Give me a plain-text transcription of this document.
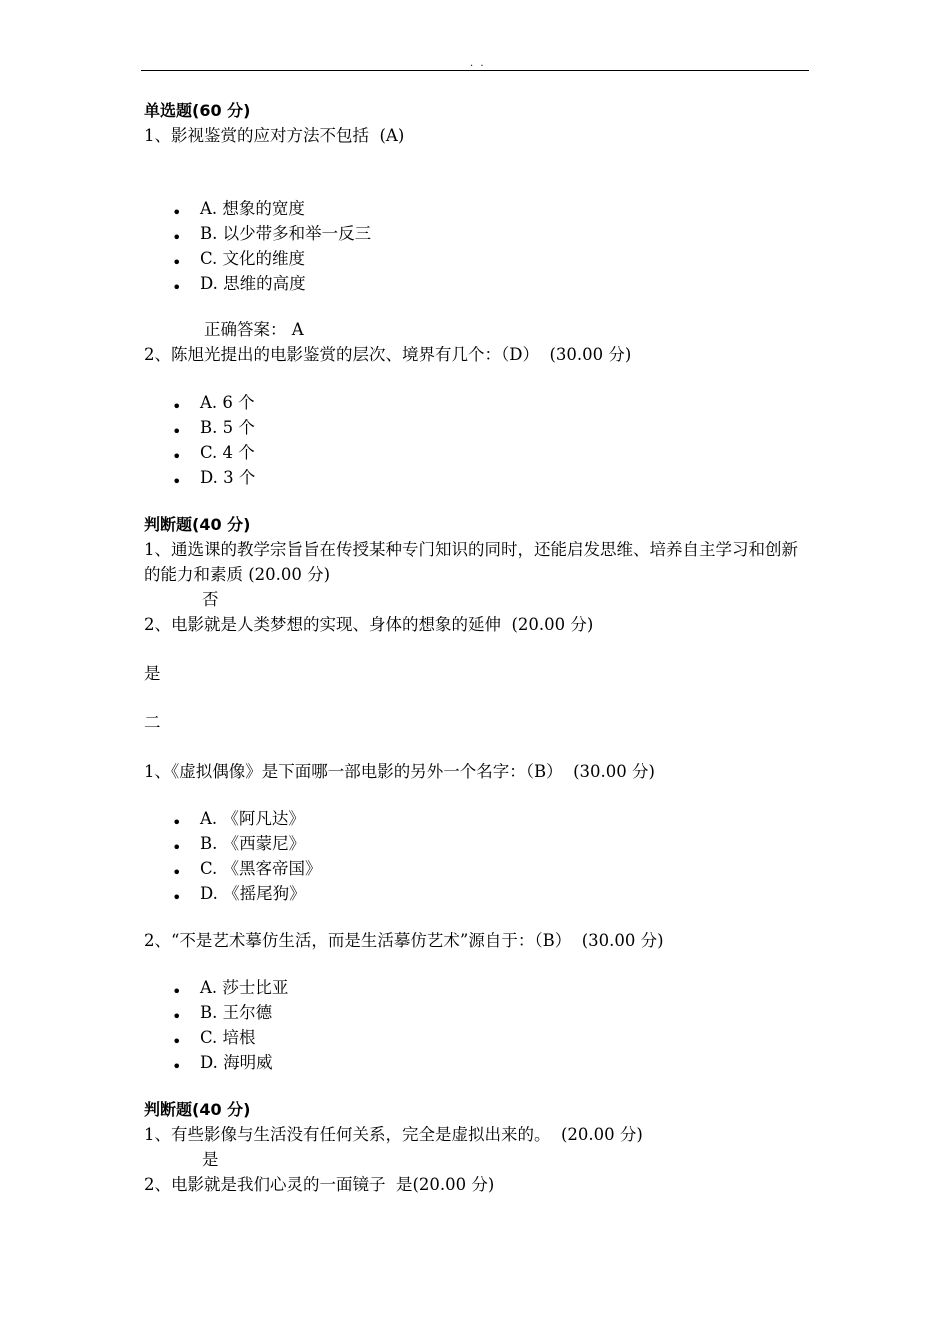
. .
单选题(60 分)
1、影视鉴赏的应对方法不包括  (A)
• A. 想象的宽度
• B. 以少带多和举一反三
• C. 文化的维度
• D. 思维的高度
正确答案： A
2、陈旭光提出的电影鉴赏的层次、境界有几个：（D）  (30.00 分)
• A. 6 个
• B. 5 个
• C. 4 个
• D. 3 个
判断题(40 分)
1、通选课的教学宗旨旨在传授某种专门知识的同时，还能启发思维、培养自主学习和创新的能力和素质 (20.00 分)
否
2、电影就是人类梦想的实现、身体的想象的延伸  (20.00 分)
是
二
1、《虚拟偶像》是下面哪一部电影的另外一个名字：（B）  (30.00 分)
• A. 《阿凡达》
• B. 《西蒙尼》
• C. 《黑客帝国》
• D. 《摇尾狗》
2、“不是艺术摹仿生活，而是生活摹仿艺术”源自于：（B）  (30.00 分)
• A. 莎士比亚
• B. 王尔德
• C. 培根
• D. 海明威
判断题(40 分)
1、有些影像与生活没有任何关系，完全是虚拟出来的。  (20.00 分)
是
2、电影就是我们心灵的一面镜子  是(20.00 分)
